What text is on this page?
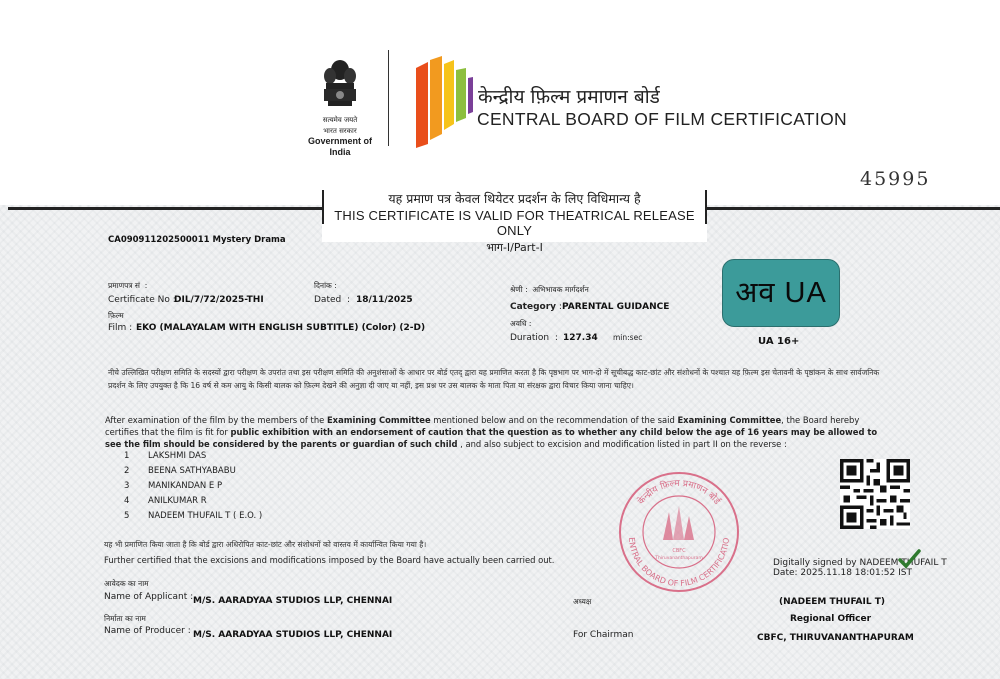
सत्यमेव जयते
भारत सरकार
Government of India
केन्द्रीय फ़िल्म प्रमाणन बोर्ड
CENTRAL BOARD OF FILM CERTIFICATION
45995
यह प्रमाण पत्र केवल थियेटर प्रदर्शन के लिए विधिमान्य है
THIS CERTIFICATE IS VALID FOR THEATRICAL RELEASE ONLY
भाग-I/Part-I
CA090911202500011 Mystery Drama
प्रमाणपत्र सं  :
Certificate No :
DIL/7/72/2025-THI
दिनांक :
Dated  : 18/11/2025
फ़िल्म
Film : EKO (MALAYALAM WITH ENGLISH SUBTITLE) (Color) (2-D)
श्रेणी :  अभिभावक मार्गदर्शन
Category : PARENTAL GUIDANCE
अवधि :
Duration  : 127.34 min:sec
अव UA
UA 16+
नीचे उल्लिखित परीक्षण समिति के सदस्यों द्वारा परीक्षण के उपरांत तथा इस परीक्षण समिति की अनुशंसाओं के आधार पर बोर्ड एतद् द्वारा यह प्रमाणित करता है कि पृष्ठभाग पर भाग-दो में सूचीबद्ध काट-छांट और संशोधनों के पश्चात यह फ़िल्म इस चेतावनी के पृष्ठांकन के साथ सार्वजनिक प्रदर्शन के लिए उपयुक्त है कि 16 वर्ष से कम आयु के किसी बालक को फ़िल्म देखने की अनुज्ञा दी जाए या नहीं, इस प्रश्न पर उस बालक के माता पिता या संरक्षक द्वारा विचार किया जाना चाहिए।
After examination of the film by the members of the Examining Committee mentioned below and on the recommendation of the said Examining Committee, the Board hereby certifies that the film is fit for public exhibition with an endorsement of caution that the question as to whether any child below the age of 16 years may be allowed to see the film should be considered by the parents or guardian of such child , and also subject to excision and modification listed in part II on the reverse :
1	LAKSHMI DAS
2	BEENA SATHYABABU
3	MANIKANDAN E P
4	ANILKUMAR R
5	NADEEM THUFAIL T ( E.O. )
यह भी प्रमाणित किया जाता है कि बोर्ड द्वारा अधिरोपित काट-छांट और संशोधनों को वास्तव में कार्यान्वित किया गया है।
Further certified that the excisions and modifications imposed by the Board have actually been carried out.
आवेदक का नाम
Name of Applicant : M/S. AARADYAA STUDIOS LLP, CHENNAI
निर्माता का नाम
Name of Producer : M/S. AARADYAA STUDIOS LLP, CHENNAI
अध्यक्ष
For Chairman
केन्द्रीय फ़िल्म प्रमाणन बोर्ड
ENTRAL BOARD OF FILM CERTIFICATIO
CBFC
Thiruvananthapuram	Digitally signed by NADEEM THUFAIL T
Date: 2025.11.18 18:01:52 IST
(NADEEM THUFAIL T)
Regional Officer
CBFC, THIRUVANANTHAPURAM
